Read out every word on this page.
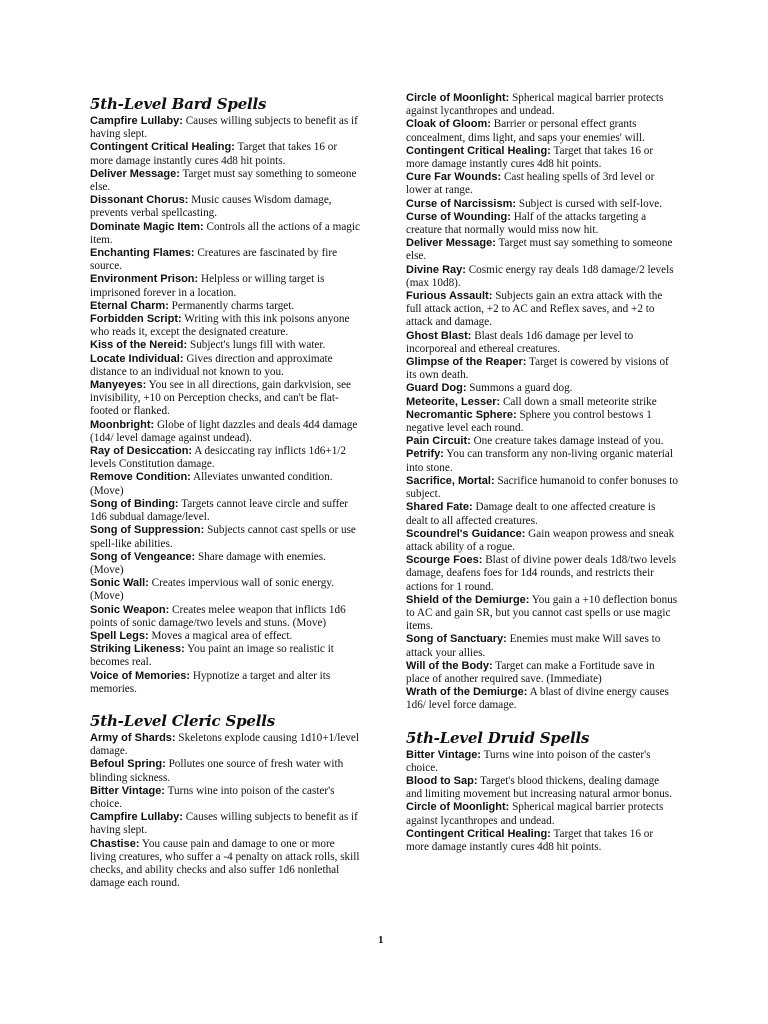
5th-Level Bard Spells
Campfire Lullaby: Causes willing subjects to benefit as if having slept.
Contingent Critical Healing: Target that takes 16 or more damage instantly cures 4d8 hit points.
Deliver Message: Target must say something to someone else.
Dissonant Chorus: Music causes Wisdom damage, prevents verbal spellcasting.
Dominate Magic Item: Controls all the actions of a magic item.
Enchanting Flames: Creatures are fascinated by fire source.
Environment Prison: Helpless or willing target is imprisoned forever in a location.
Eternal Charm: Permanently charms target.
Forbidden Script: Writing with this ink poisons anyone who reads it, except the designated creature.
Kiss of the Nereid: Subject's lungs fill with water.
Locate Individual: Gives direction and approximate distance to an individual not known to you.
Manyeyes: You see in all directions, gain darkvision, see invisibility, +10 on Perception checks, and can't be flat-footed or flanked.
Moonbright: Globe of light dazzles and deals 4d4 damage (1d4/ level damage against undead).
Ray of Desiccation: A desiccating ray inflicts 1d6+1/2 levels Constitution damage.
Remove Condition: Alleviates unwanted condition. (Move)
Song of Binding: Targets cannot leave circle and suffer 1d6 subdual damage/level.
Song of Suppression: Subjects cannot cast spells or use spell-like abilities.
Song of Vengeance: Share damage with enemies. (Move)
Sonic Wall: Creates impervious wall of sonic energy. (Move)
Sonic Weapon: Creates melee weapon that inflicts 1d6 points of sonic damage/two levels and stuns. (Move)
Spell Legs: Moves a magical area of effect.
Striking Likeness: You paint an image so realistic it becomes real.
Voice of Memories: Hypnotize a target and alter its memories.
5th-Level Cleric Spells
Army of Shards: Skeletons explode causing 1d10+1/level damage.
Befoul Spring: Pollutes one source of fresh water with blinding sickness.
Bitter Vintage: Turns wine into poison of the caster's choice.
Campfire Lullaby: Causes willing subjects to benefit as if having slept.
Chastise: You cause pain and damage to one or more living creatures, who suffer a -4 penalty on attack rolls, skill checks, and ability checks and also suffer 1d6 nonlethal damage each round.
Circle of Moonlight: Spherical magical barrier protects against lycanthropes and undead.
Cloak of Gloom: Barrier or personal effect grants concealment, dims light, and saps your enemies' will.
Contingent Critical Healing: Target that takes 16 or more damage instantly cures 4d8 hit points.
Cure Far Wounds: Cast healing spells of 3rd level or lower at range.
Curse of Narcissism: Subject is cursed with self-love.
Curse of Wounding: Half of the attacks targeting a creature that normally would miss now hit.
Deliver Message: Target must say something to someone else.
Divine Ray: Cosmic energy ray deals 1d8 damage/2 levels (max 10d8).
Furious Assault: Subjects gain an extra attack with the full attack action, +2 to AC and Reflex saves, and +2 to attack and damage.
Ghost Blast: Blast deals 1d6 damage per level to incorporeal and ethereal creatures.
Glimpse of the Reaper: Target is cowered by visions of its own death.
Guard Dog: Summons a guard dog.
Meteorite, Lesser: Call down a small meteorite strike
Necromantic Sphere: Sphere you control bestows 1 negative level each round.
Pain Circuit: One creature takes damage instead of you.
Petrify: You can transform any non-living organic material into stone.
Sacrifice, Mortal: Sacrifice humanoid to confer bonuses to subject.
Shared Fate: Damage dealt to one affected creature is dealt to all affected creatures.
Scoundrel's Guidance: Gain weapon prowess and sneak attack ability of a rogue.
Scourge Foes: Blast of divine power deals 1d8/two levels damage, deafens foes for 1d4 rounds, and restricts their actions for 1 round.
Shield of the Demiurge: You gain a +10 deflection bonus to AC and gain SR, but you cannot cast spells or use magic items.
Song of Sanctuary: Enemies must make Will saves to attack your allies.
Will of the Body: Target can make a Fortitude save in place of another required save. (Immediate)
Wrath of the Demiurge: A blast of divine energy causes 1d6/ level force damage.
5th-Level Druid Spells
Bitter Vintage: Turns wine into poison of the caster's choice.
Blood to Sap: Target's blood thickens, dealing damage and limiting movement but increasing natural armor bonus.
Circle of Moonlight: Spherical magical barrier protects against lycanthropes and undead.
Contingent Critical Healing: Target that takes 16 or more damage instantly cures 4d8 hit points.
1
